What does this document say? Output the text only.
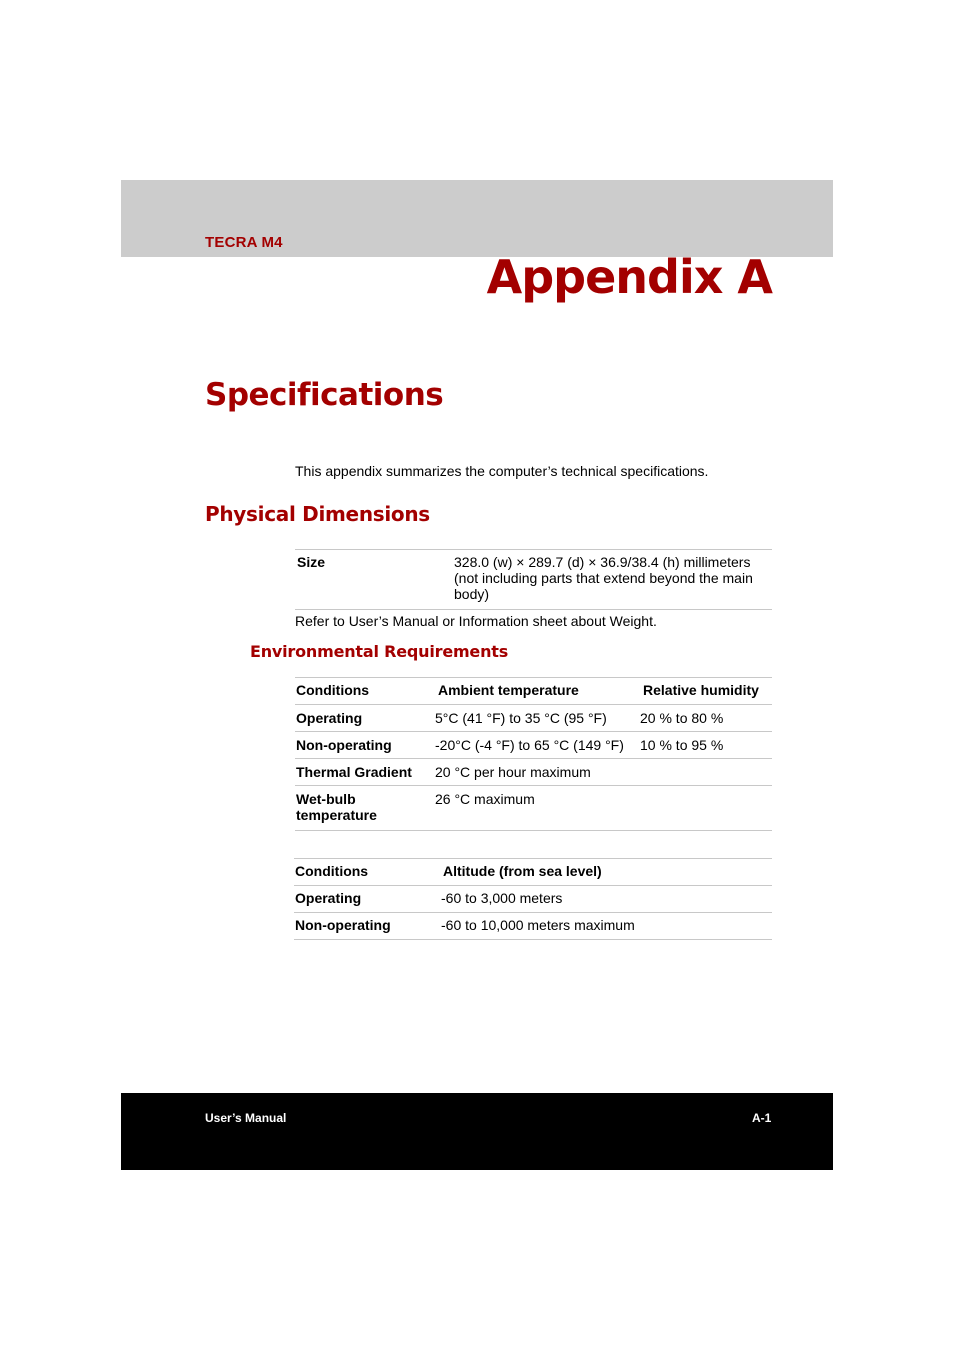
TECRA M4
Appendix A
Specifications
This appendix summarizes the computer’s technical specifications.
Physical Dimensions
Size	328.0 (w) × 289.7 (d) × 36.9/38.4 (h) millimeters
(not including parts that extend beyond the main
body)
Refer to User’s Manual or Information sheet about Weight.
Environmental Requirements
Conditions	Ambient temperature	Relative humidity
Operating	5°C (41 °F) to 35 °C (95 °F)	20 % to 80 %
Non-operating	-20°C (-4 °F) to 65 °C (149 °F)	10 % to 95 %
Thermal Gradient	20 °C per hour maximum	

Wet-bulb
temperature	26 °C maximum	
Conditions	Altitude (from sea level)
Operating	-60 to 3,000 meters
Non-operating	-60 to 10,000 meters maximum
User’s Manual	A-1
